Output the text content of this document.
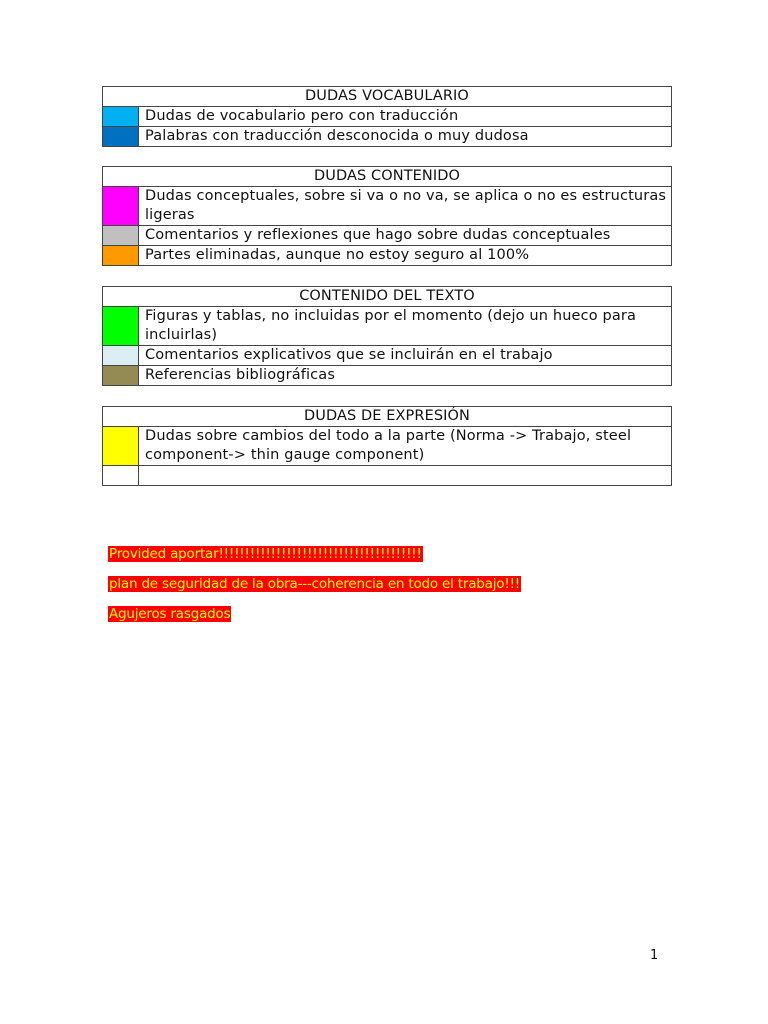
DUDAS VOCABULARIO	
	Dudas de vocabulario pero con traducción
	Palabras con traducción desconocida o muy dudosa
DUDAS CONTENIDO	
	Dudas conceptuales, sobre si va o no va, se aplica o no es estructuras ligeras
	Comentarios y reflexiones que hago sobre dudas conceptuales
	Partes eliminadas, aunque no estoy seguro al 100%
CONTENIDO DEL TEXTO	
	Figuras y tablas, no incluidas por el momento (dejo un hueco para incluirlas)
	Comentarios explicativos que se incluirán en el trabajo
	Referencias bibliográficas
DUDAS DE EXPRESIÓN	
	Dudas sobre cambios del todo a la parte (Norma -> Trabajo, steel component-> thin gauge component)

Provided aportar!!!!!!!!!!!!!!!!!!!!!!!!!!!!!!!!!!!!!!!
plan de seguridad de la obra---coherencia en todo el trabajo!!!
Agujeros rasgados
1
